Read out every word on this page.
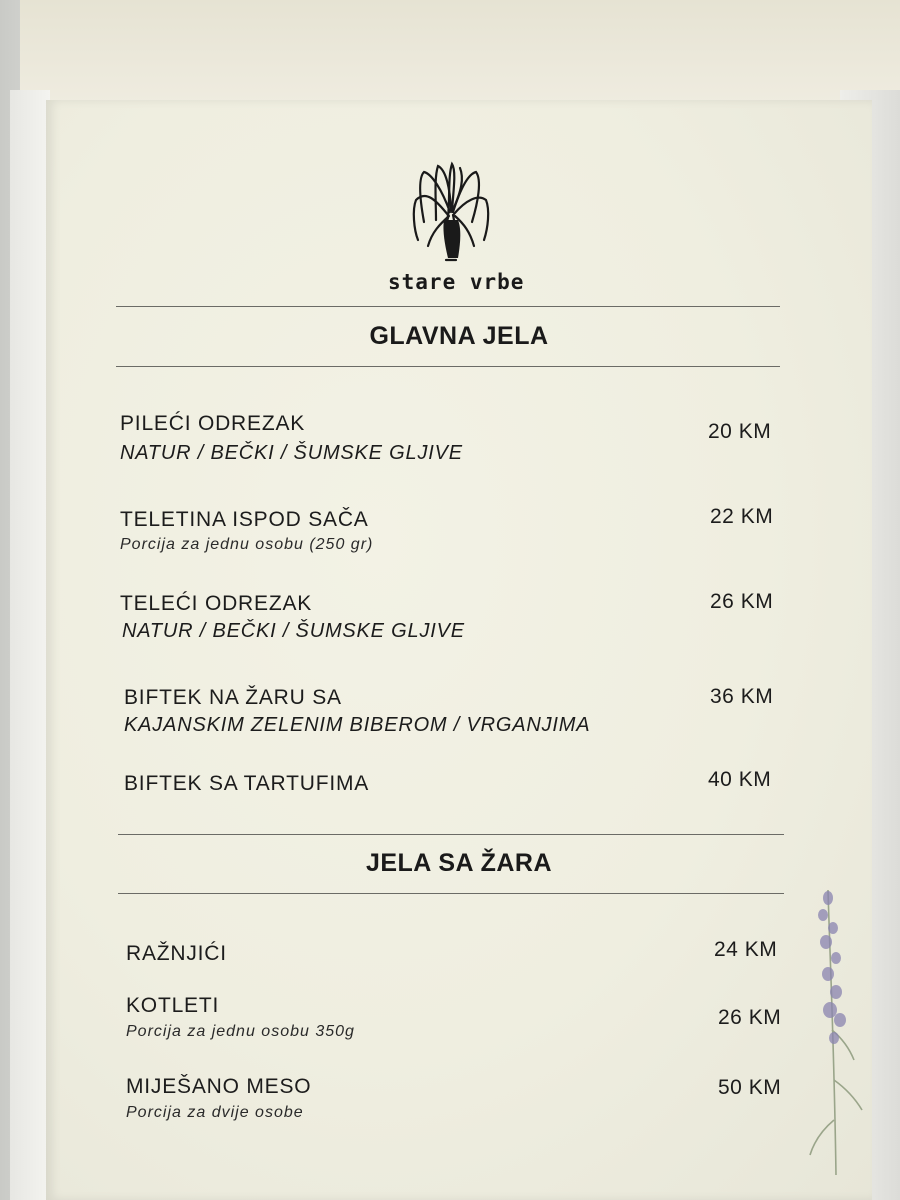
stare vrbe
GLAVNA JELA
PILEĆI ODREZAK
NATUR / BEČKI / ŠUMSKE GLJIVE
20 KM
TELETINA ISPOD SAČA
Porcija za jednu osobu (250 gr)
22 KM
TELEĆI ODREZAK
NATUR / BEČKI / ŠUMSKE GLJIVE
26 KM
BIFTEK NA ŽARU SA
KAJANSKIM ZELENIM BIBEROM / VRGANJIMA
36 KM
BIFTEK SA TARTUFIMA	40 KM
JELA SA ŽARA
RAŽNJIĆI	24 KM
KOTLETI
Porcija za jednu osobu 350g
26 KM
MIJEŠANO MESO
Porcija za dvije osobe
50 KM
